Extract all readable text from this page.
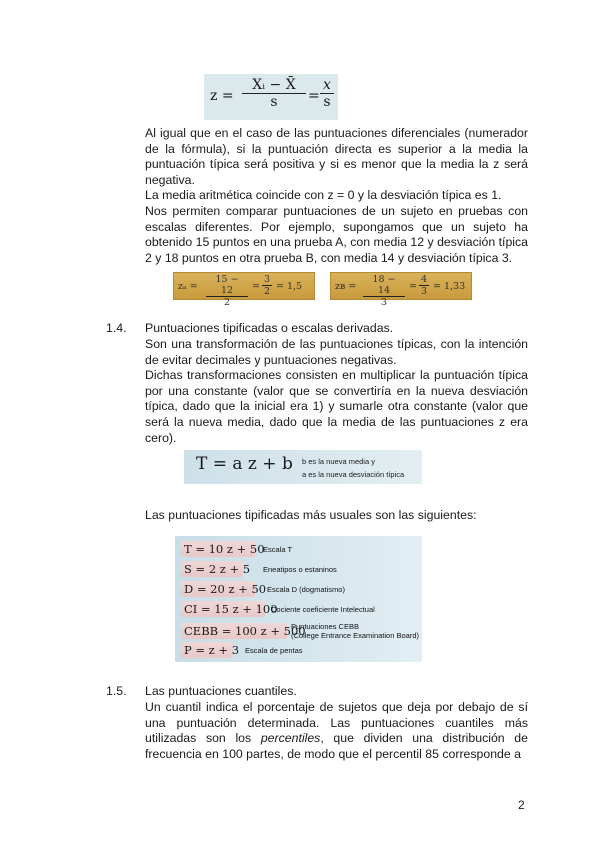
$z = \frac{\text{Xᵢ − X̄}}{s} = \frac{x}{s}$

Al igual que en el caso de las puntuaciones diferenciales (numerador de la fórmula), si la puntuación directa es superior a la media la puntuación típica será positiva y si es menor que la media la z será negativa.

La media aritmética coincide con z = 0 y la desviación típica es 1.

Nos permiten comparar puntuaciones de un sujeto en pruebas con escalas diferentes. Por ejemplo, supongamos que un sujeto ha obtenido 15 puntos en una prueba A, con media 12 y desviación típica 2 y 18 puntos en otra prueba B, con media 14 y desviación típica 3.

$z_a = \frac{15 - 12}{2} = \frac{3}{2} = 1,5$	zʙ = $\frac{18 - 14}{3} = \frac{4}{3} = 1,33$
1.4. Puntuaciones tipificadas o escalas derivadas.

Son una transformación de las puntuaciones típicas, con la intención de evitar decimales y puntuaciones negativas.

Dichas transformaciones consisten en multiplicar la puntuación típica por una constante (valor que se convertiría en la nueva desviación típica, dado que la inicial era 1) y sumarle otra constante (valor que será la nueva media, dado que la media de las puntuaciones z era cero).

T = a z + b b es la nueva media y
a es la nueva desviación típica
Las puntuaciones tipificadas más usuales son las siguientes:
T = 10 z + 50
Escala T
S = 2 z + 5 Eneatipos o estaninos
D = 20 z + 50 Escala D (dogmatismo)
CI = 15 z + 100
Cociente coeficiente Intelectual
CEBB = 100 z + 500
Puntuaciones CEBB
(College Entrance Examination Board)
P = z + 3 Escala de pentas
1.5. Las puntuaciones cuantiles.

Un cuantil indica el porcentaje de sujetos que deja por debajo de sí una puntuación determinada. Las puntuaciones cuantiles más utilizadas son los percentiles, que dividen una distribución de frecuencia en 100 partes, de modo que el percentil 85 corresponde a

2
